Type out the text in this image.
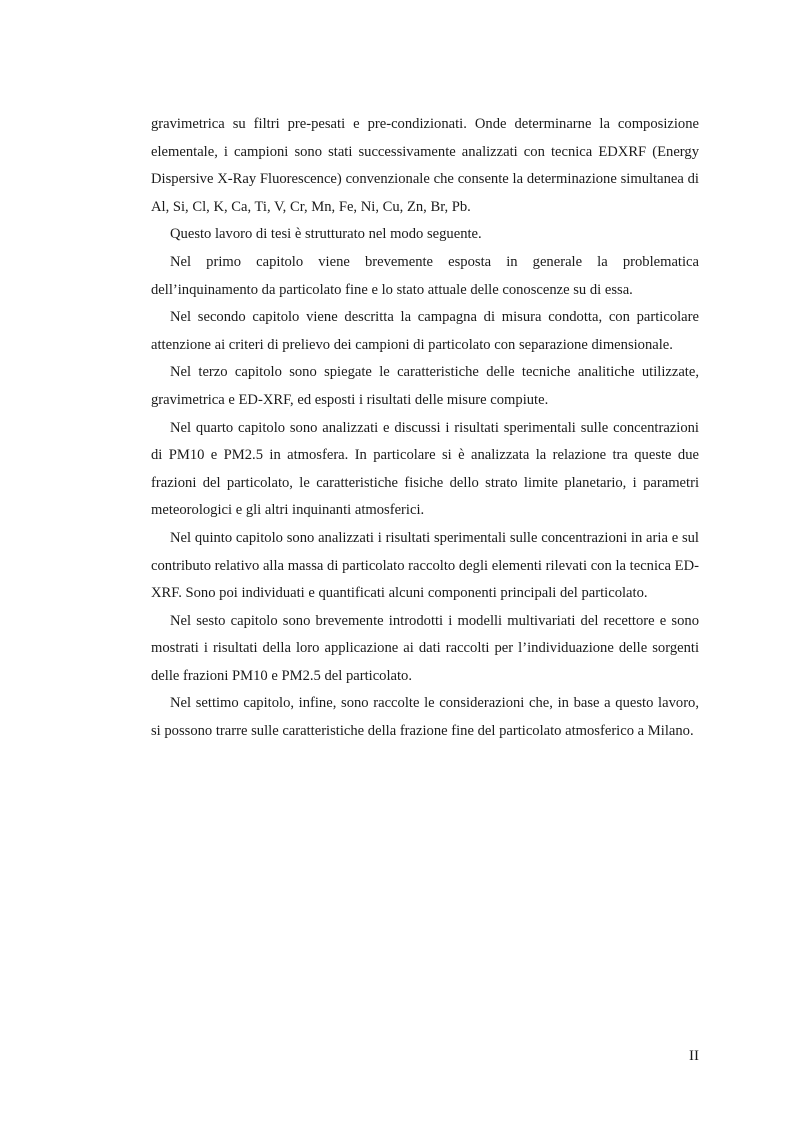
gravimetrica su filtri pre-pesati e pre-condizionati. Onde determinarne la composizione elementale, i campioni sono stati successivamente analizzati con tecnica EDXRF (Energy Dispersive X-Ray Fluorescence) convenzionale che consente la determinazione simultanea di Al, Si, Cl, K, Ca, Ti, V, Cr, Mn, Fe, Ni, Cu, Zn, Br, Pb.

Questo lavoro di tesi è strutturato nel modo seguente.

Nel primo capitolo viene brevemente esposta in generale la problematica dell’inquinamento da particolato fine e lo stato attuale delle conoscenze su di essa.

Nel secondo capitolo viene descritta la campagna di misura condotta, con particolare attenzione ai criteri di prelievo dei campioni di particolato con separazione dimensionale.

Nel terzo capitolo sono spiegate le caratteristiche delle tecniche analitiche utilizzate, gravimetrica e ED-XRF, ed esposti i risultati delle misure compiute.

Nel quarto capitolo sono analizzati e discussi i risultati sperimentali sulle concentrazioni di PM10 e PM2.5 in atmosfera. In particolare si è analizzata la relazione tra queste due frazioni del particolato, le caratteristiche fisiche dello strato limite planetario, i parametri meteorologici e gli altri inquinanti atmosferici.

Nel quinto capitolo sono analizzati i risultati sperimentali sulle concentrazioni in aria e sul contributo relativo alla massa di particolato raccolto degli elementi rilevati con la tecnica ED-XRF. Sono poi individuati e quantificati alcuni componenti principali del particolato.

Nel sesto capitolo sono brevemente introdotti i modelli multivariati del recettore e sono mostrati i risultati della loro applicazione ai dati raccolti per l’individuazione delle sorgenti delle frazioni PM10 e PM2.5 del particolato.

Nel settimo capitolo, infine, sono raccolte le considerazioni che, in base a questo lavoro, si possono trarre sulle caratteristiche della frazione fine del particolato atmosferico a Milano.

II
